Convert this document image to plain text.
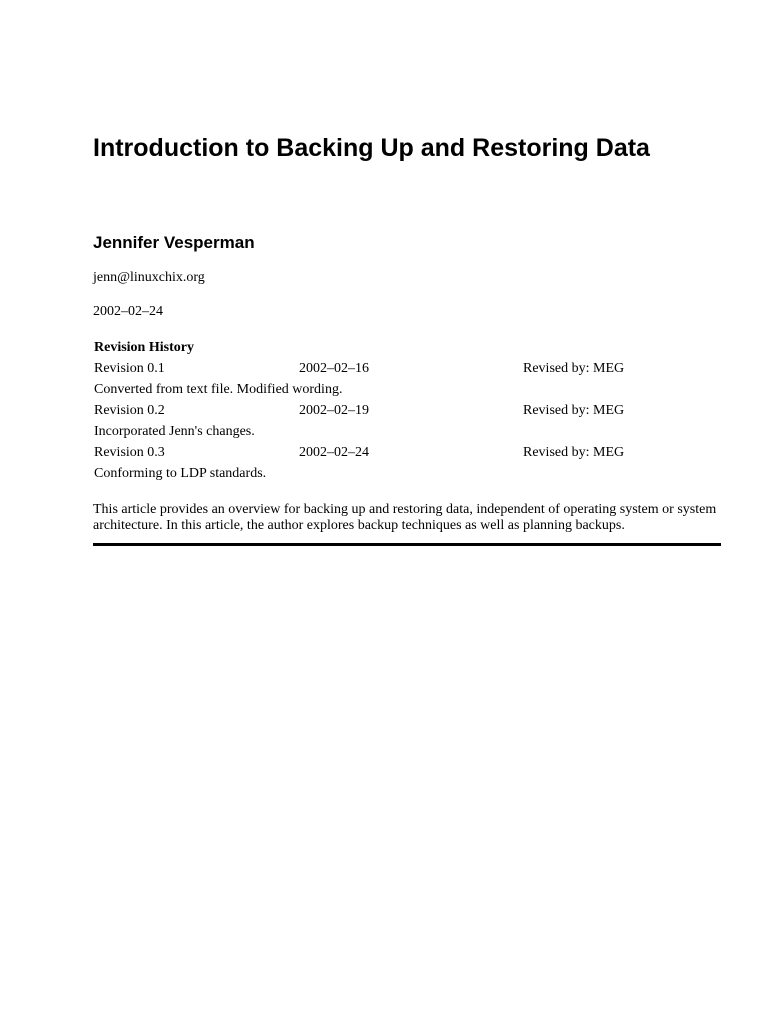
Introduction to Backing Up and Restoring Data
Jennifer Vesperman
jenn@linuxchix.org
2002–02–24
Revision History
Revision 0.1	2002–02–16	Revised by: MEG
Converted from text file. Modified wording.
Revision 0.2	2002–02–19	Revised by: MEG
Incorporated Jenn's changes.
Revision 0.3	2002–02–24	Revised by: MEG
Conforming to LDP standards.

This article provides an overview for backing up and restoring data, independent of operating system or system architecture. In this article, the author explores backup techniques as well as planning backups.
